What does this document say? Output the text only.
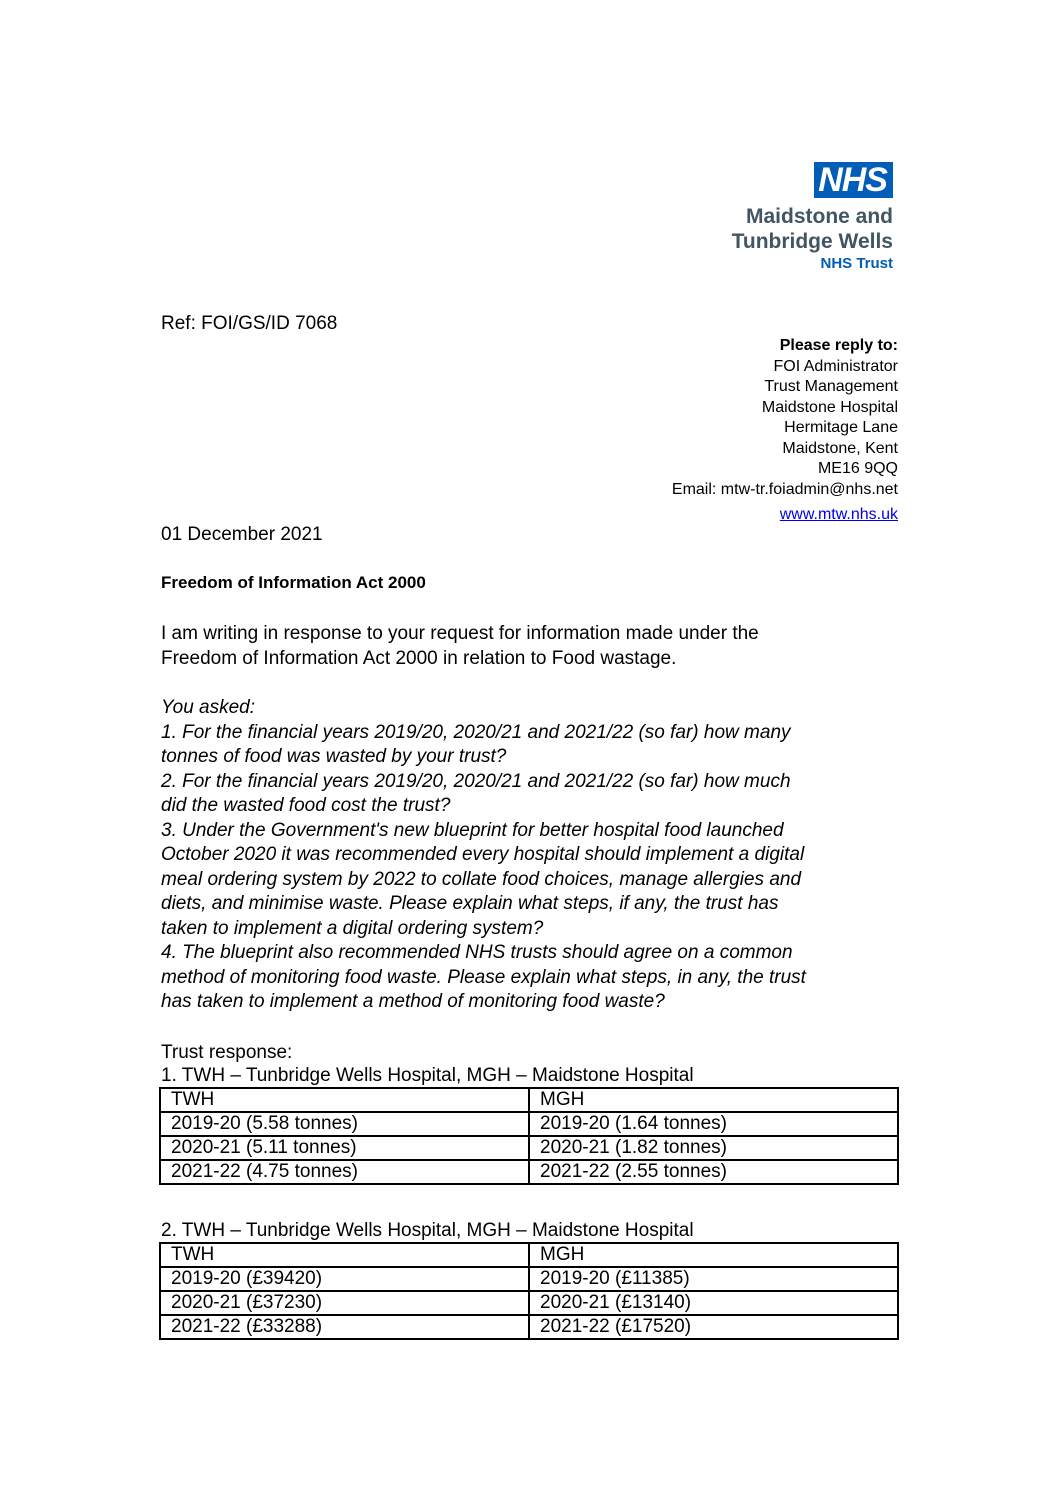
NHS
Maidstone and
Tunbridge Wells
NHS Trust
Ref: FOI/GS/ID 7068
Please reply to:
FOI Administrator
Trust Management
Maidstone Hospital
Hermitage Lane
Maidstone, Kent
ME16 9QQ
Email: mtw-tr.foiadmin@nhs.net
www.mtw.nhs.uk
01 December 2021
Freedom of Information Act 2000
I am writing in response to your request for information made under the
Freedom of Information Act 2000 in relation to Food wastage.
You asked:
1. For the financial years 2019/20, 2020/21 and 2021/22 (so far) how many
tonnes of food was wasted by your trust?
2. For the financial years 2019/20, 2020/21 and 2021/22 (so far) how much
did the wasted food cost the trust?
3. Under the Government's new blueprint for better hospital food launched
October 2020 it was recommended every hospital should implement a digital
meal ordering system by 2022 to collate food choices, manage allergies and
diets, and minimise waste. Please explain what steps, if any, the trust has
taken to implement a digital ordering system?
4. The blueprint also recommended NHS trusts should agree on a common
method of monitoring food waste. Please explain what steps, in any, the trust
has taken to implement a method of monitoring food waste?
Trust response:
1. TWH – Tunbridge Wells Hospital, MGH – Maidstone Hospital
TWH	MGH
2019-20 (5.58 tonnes)	2019-20 (1.64 tonnes)
2020-21 (5.11 tonnes)	2020-21 (1.82 tonnes)
2021-22 (4.75 tonnes)	2021-22 (2.55 tonnes)
2. TWH – Tunbridge Wells Hospital, MGH – Maidstone Hospital
TWH	MGH
2019-20 (£39420)	2019-20 (£11385)
2020-21 (£37230)	2020-21 (£13140)
2021-22 (£33288)	2021-22 (£17520)
